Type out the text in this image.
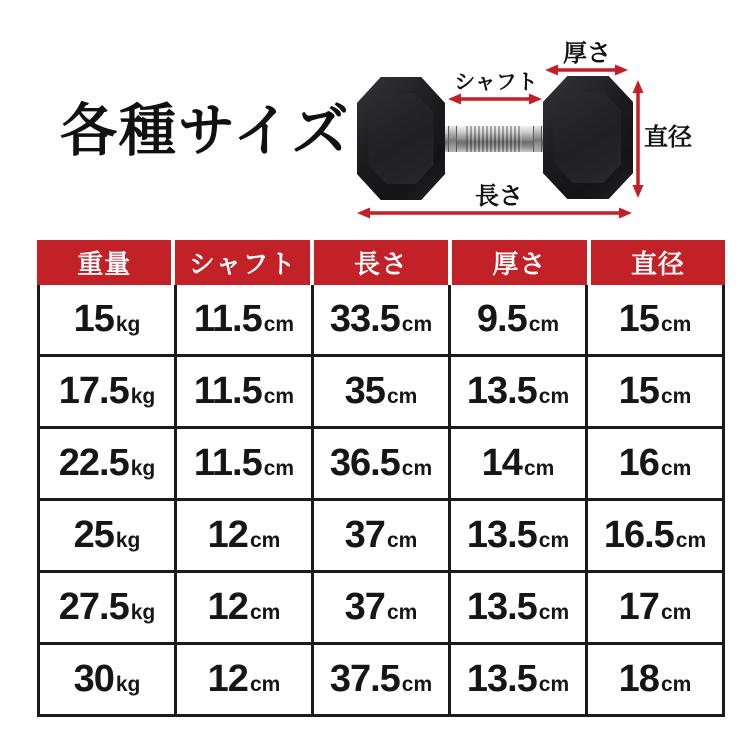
各種サイズ
厚さ
シャフト
直径
長さ
重量	シャフト	長さ	厚さ	直径
15kg	11.5cm	33.5cm	9.5cm	15cm
17.5kg	11.5cm	35cm	13.5cm	15cm
22.5kg	11.5cm	36.5cm	14cm	16cm
25kg	12cm	37cm	13.5cm	16.5cm
27.5kg	12cm	37cm	13.5cm	17cm
30kg	12cm	37.5cm	13.5cm	18cm
